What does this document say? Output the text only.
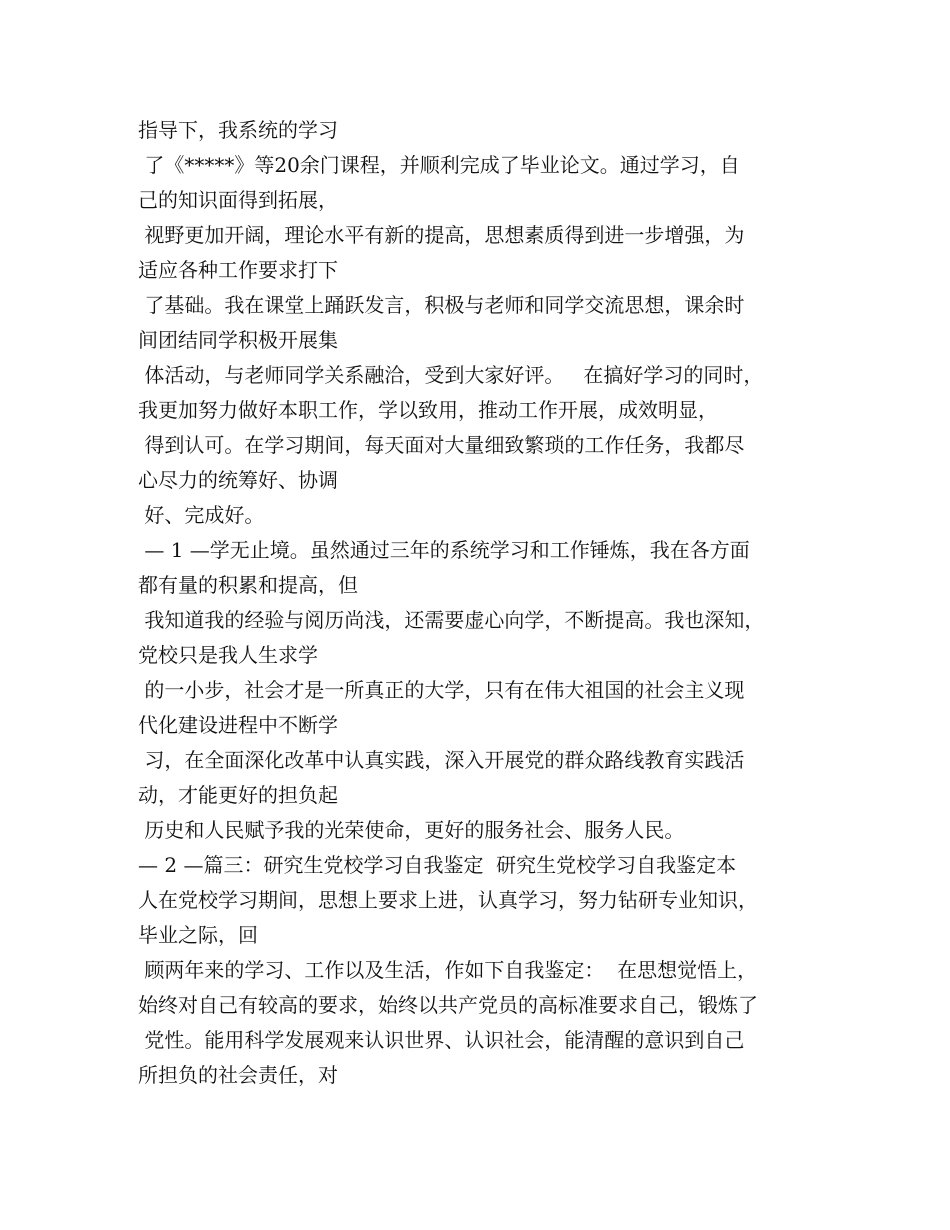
指导下，我系统的学习
了《*****》等20余门课程，并顺利完成了毕业论文。通过学习，自
己的知识面得到拓展，
视野更加开阔，理论水平有新的提高，思想素质得到进一步增强，为
适应各种工作要求打下
了基础。我在课堂上踊跃发言，积极与老师和同学交流思想，课余时
间团结同学积极开展集
体活动，与老师同学关系融洽，受到大家好评。   在搞好学习的同时，
我更加努力做好本职工作，学以致用，推动工作开展，成效明显，
得到认可。在学习期间，每天面对大量细致繁琐的工作任务，我都尽
心尽力的统筹好、协调
好、完成好。
— 1 —学无止境。虽然通过三年的系统学习和工作锤炼，我在各方面
都有量的积累和提高，但
我知道我的经验与阅历尚浅，还需要虚心向学，不断提高。我也深知，
党校只是我人生求学
的一小步，社会才是一所真正的大学，只有在伟大祖国的社会主义现
代化建设进程中不断学
习，在全面深化改革中认真实践，深入开展党的群众路线教育实践活
动，才能更好的担负起
历史和人民赋予我的光荣使命，更好的服务社会、服务人民。
— 2 —篇三：研究生党校学习自我鉴定  研究生党校学习自我鉴定本
人在党校学习期间，思想上要求上进，认真学习，努力钻研专业知识，
毕业之际，回
顾两年来的学习、工作以及生活，作如下自我鉴定：  在思想觉悟上，
始终对自己有较高的要求，始终以共产党员的高标准要求自己，锻炼了
党性。能用科学发展观来认识世界、认识社会，能清醒的意识到自己
所担负的社会责任，对
